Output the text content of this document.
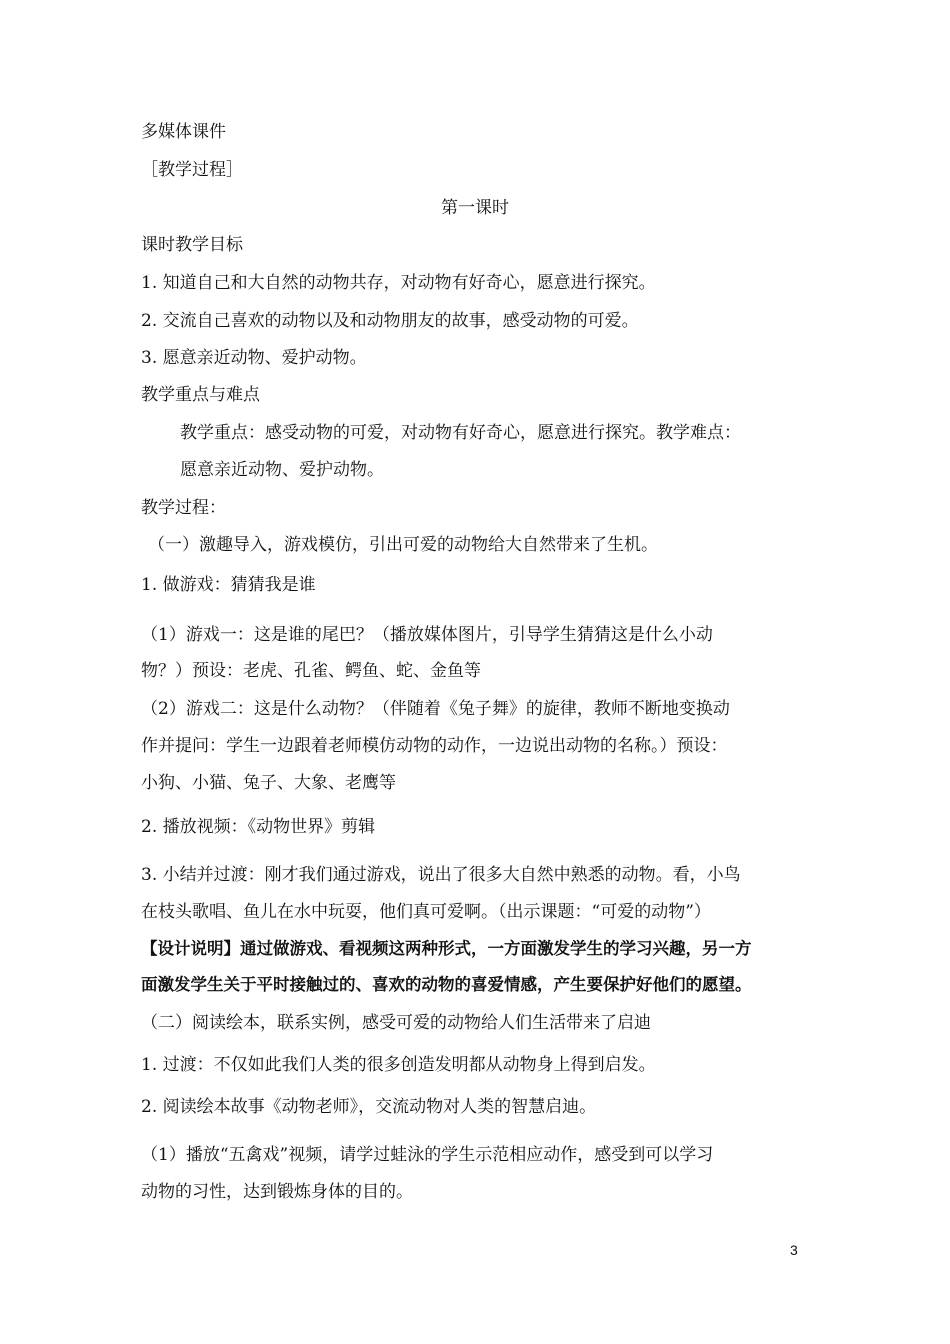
多媒体课件
［教学过程］
第一课时
课时教学目标
1. 知道自己和大自然的动物共存，对动物有好奇心，愿意进行探究。
2. 交流自己喜欢的动物以及和动物朋友的故事，感受动物的可爱。
3. 愿意亲近动物、爱护动物。
教学重点与难点
教学重点：感受动物的可爱，对动物有好奇心，愿意进行探究。教学难点：
愿意亲近动物、爱护动物。
教学过程：
（一）激趣导入，游戏模仿，引出可爱的动物给大自然带来了生机。
1. 做游戏：猜猜我是谁
（1）游戏一：这是谁的尾巴？（播放媒体图片，引导学生猜猜这是什么小动
物？）预设：老虎、孔雀、鳄鱼、蛇、金鱼等
（2）游戏二：这是什么动物？（伴随着《兔子舞》的旋律，教师不断地变换动
作并提问：学生一边跟着老师模仿动物的动作，一边说出动物的名称。）预设：
小狗、小猫、兔子、大象、老鹰等
2. 播放视频：《动物世界》剪辑
3. 小结并过渡：刚才我们通过游戏，说出了很多大自然中熟悉的动物。看，小鸟
在枝头歌唱、鱼儿在水中玩耍，他们真可爱啊。（出示课题：“可爱的动物”）
【设计说明】通过做游戏、看视频这两种形式，一方面激发学生的学习兴趣，另一方
面激发学生关于平时接触过的、喜欢的动物的喜爱情感，产生要保护好他们的愿望。
（二）阅读绘本，联系实例，感受可爱的动物给人们生活带来了启迪
1. 过渡：不仅如此我们人类的很多创造发明都从动物身上得到启发。
2. 阅读绘本故事《动物老师》，交流动物对人类的智慧启迪。
（1）播放“五禽戏”视频，请学过蛙泳的学生示范相应动作，感受到可以学习
动物的习性，达到锻炼身体的目的。
3
